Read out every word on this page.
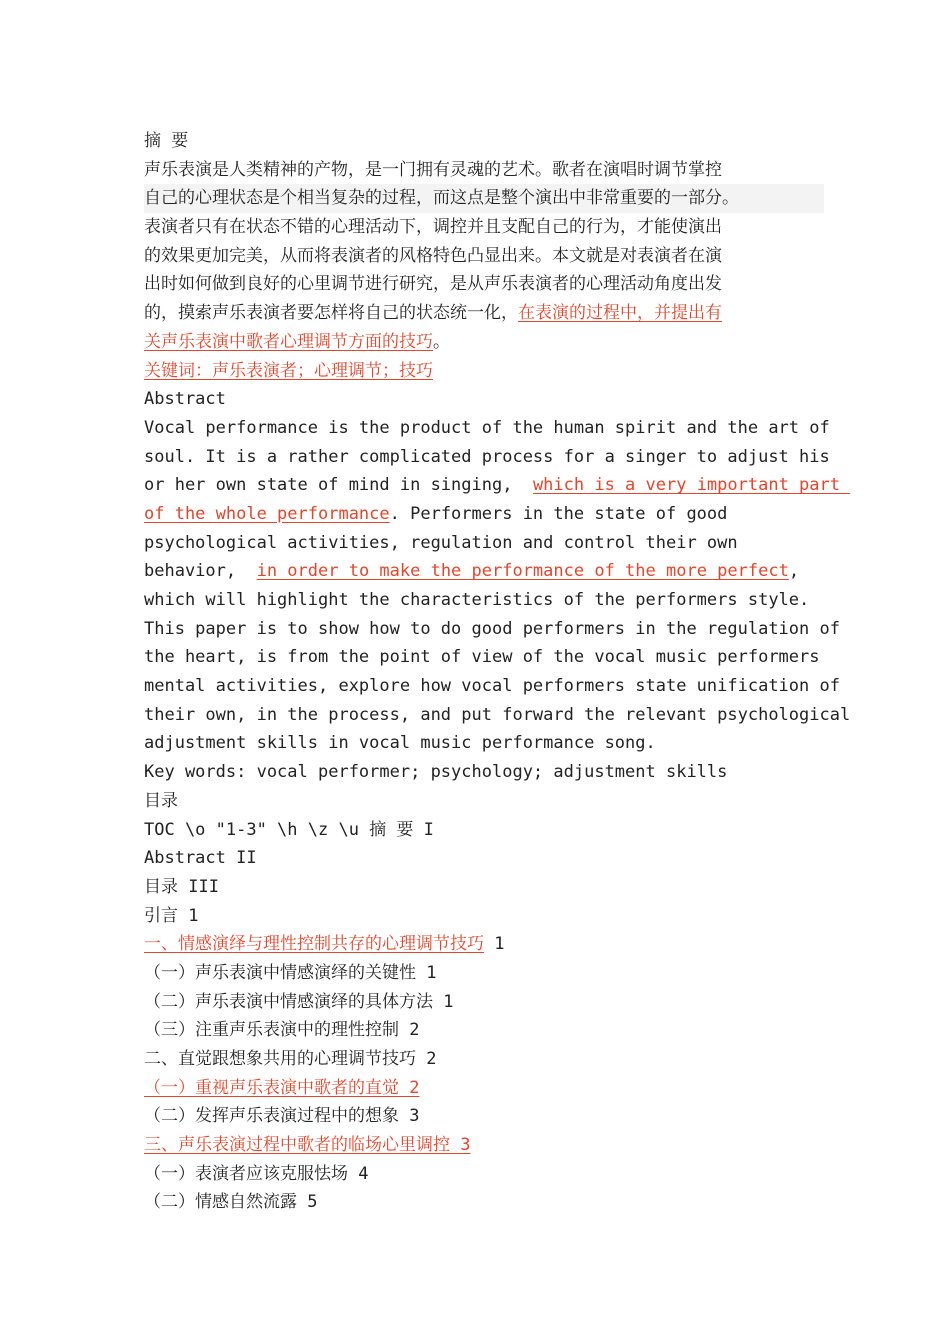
摘 要
声乐表演是人类精神的产物，是一门拥有灵魂的艺术。歌者在演唱时调节掌控
自己的心理状态是个相当复杂的过程，而这点是整个演出中非常重要的一部分。
表演者只有在状态不错的心理活动下，调控并且支配自己的行为，才能使演出
的效果更加完美，从而将表演者的风格特色凸显出来。本文就是对表演者在演
出时如何做到良好的心里调节进行研究，是从声乐表演者的心理活动角度出发
的，摸索声乐表演者要怎样将自己的状态统一化，在表演的过程中，并提出有
关声乐表演中歌者心理调节方面的技巧。
关键词：声乐表演者；心理调节；技巧
Abstract
Vocal performance is the product of the human spirit and the art of
soul. It is a rather complicated process for a singer to adjust his
or her own state of mind in singing,  which is a very important part
of the whole performance. Performers in the state of good
psychological activities, regulation and control their own
behavior,  in order to make the performance of the more perfect,
which will highlight the characteristics of the performers style.
This paper is to show how to do good performers in the regulation of
the heart, is from the point of view of the vocal music performers
mental activities, explore how vocal performers state unification of
their own, in the process, and put forward the relevant psychological
adjustment skills in vocal music performance song.
Key words: vocal performer; psychology; adjustment skills
目录
TOC \o "1-3" \h \z \u 摘 要 I
Abstract II
目录 III
引言 1
一、情感演绎与理性控制共存的心理调节技巧 1
（一）声乐表演中情感演绎的关键性 1
（二）声乐表演中情感演绎的具体方法 1
（三）注重声乐表演中的理性控制 2
二、直觉跟想象共用的心理调节技巧 2
（一）重视声乐表演中歌者的直觉 2
（二）发挥声乐表演过程中的想象 3
三、声乐表演过程中歌者的临场心里调控 3
（一）表演者应该克服怯场 4
（二）情感自然流露 5
